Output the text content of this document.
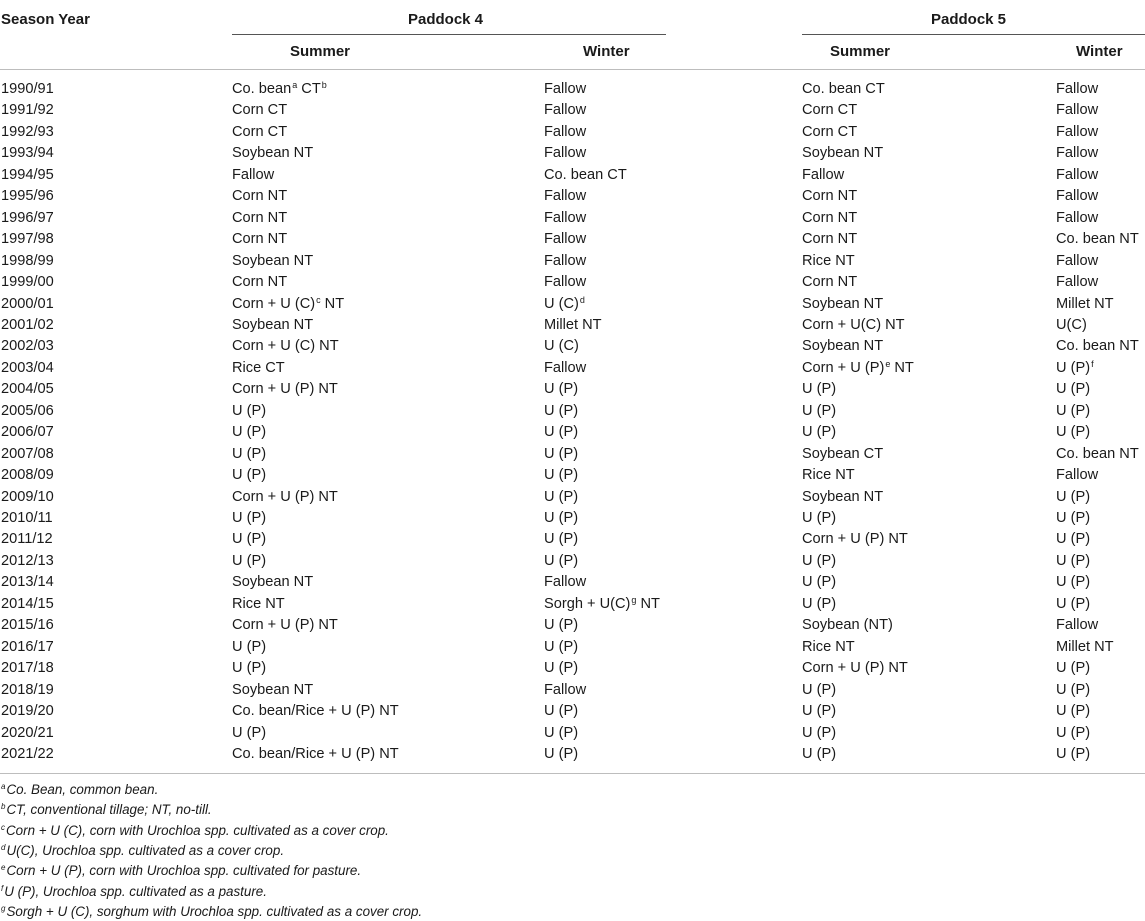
Season Year	Paddock 4	Paddock 5
Summer	Winter	Summer	Winter
1990/91	Co. bean$^a$ $CT^b$	Fallow	Co. bean CT	Fallow
1991/92	Corn CT	Fallow	Corn CT	Fallow
1992/93	Corn CT	Fallow	Corn CT	Fallow
1993/94	Soybean NT	Fallow	Soybean NT	Fallow
1994/95	Fallow	Co. bean CT	Fallow	Fallow
1995/96	Corn NT	Fallow	Corn NT	Fallow
1996/97	Corn NT	Fallow	Corn NT	Fallow
1997/98	Corn NT	Fallow	Corn NT	Co. bean NT
1998/99	Soybean NT	Fallow	Rice NT	Fallow
1999/00	Corn NT	Fallow	Corn NT	Fallow
2000/01	Corn + U $(C)^c$ NT	U $(C)^d$	Soybean NT	Millet NT
2001/02	Soybean NT	Millet NT	Corn + U(C) NT	U(C)
2002/03	Corn + U (C) NT	U (C)	Soybean NT	Co. bean NT
2003/04	Rice CT	Fallow	Corn + U $(P)^e$ NT	U $(P)^f$
2004/05	Corn + U (P) NT	U (P)	U (P)	U (P)
2005/06	U (P)	U (P)	U (P)	U (P)
2006/07	U (P)	U (P)	U (P)	U (P)
2007/08	U (P)	U (P)	Soybean CT	Co. bean NT
2008/09	U (P)	U (P)	Rice NT	Fallow
2009/10	Corn + U (P) NT	U (P)	Soybean NT	U (P)
2010/11	U (P)	U (P)	U (P)	U (P)
2011/12	U (P)	U (P)	Corn + U (P) NT	U (P)
2012/13	U (P)	U (P)	U (P)	U (P)
2013/14	Soybean NT	Fallow	U (P)	U (P)
2014/15	Rice NT	Sorgh + $U(C)^g$ NT	U (P)	U (P)
2015/16	Corn + U (P) NT	U (P)	Soybean (NT)	Fallow
2016/17	U (P)	U (P)	Rice NT	Millet NT
2017/18	U (P)	U (P)	Corn + U (P) NT	U (P)
2018/19	Soybean NT	Fallow	U (P)	U (P)
2019/20	Co. bean/Rice + U (P) NT	U (P)	U (P)	U (P)
2020/21	U (P)	U (P)	U (P)	U (P)
2021/22	Co. bean/Rice + U (P) NT	U (P)	U (P)	U (P)
$^a$Co. Bean, common bean.
$^b$CT, conventional tillage; NT, no-till.
$^c$Corn + U (C), corn with Urochloa spp. cultivated as a cover crop.
$^d$U(C), Urochloa spp. cultivated as a cover crop.
$^e$Corn + U (P), corn with Urochloa spp. cultivated for pasture.
$^f$U (P), Urochloa spp. cultivated as a pasture.
$^g$Sorgh + U (C), sorghum with Urochloa spp. cultivated as a cover crop.
